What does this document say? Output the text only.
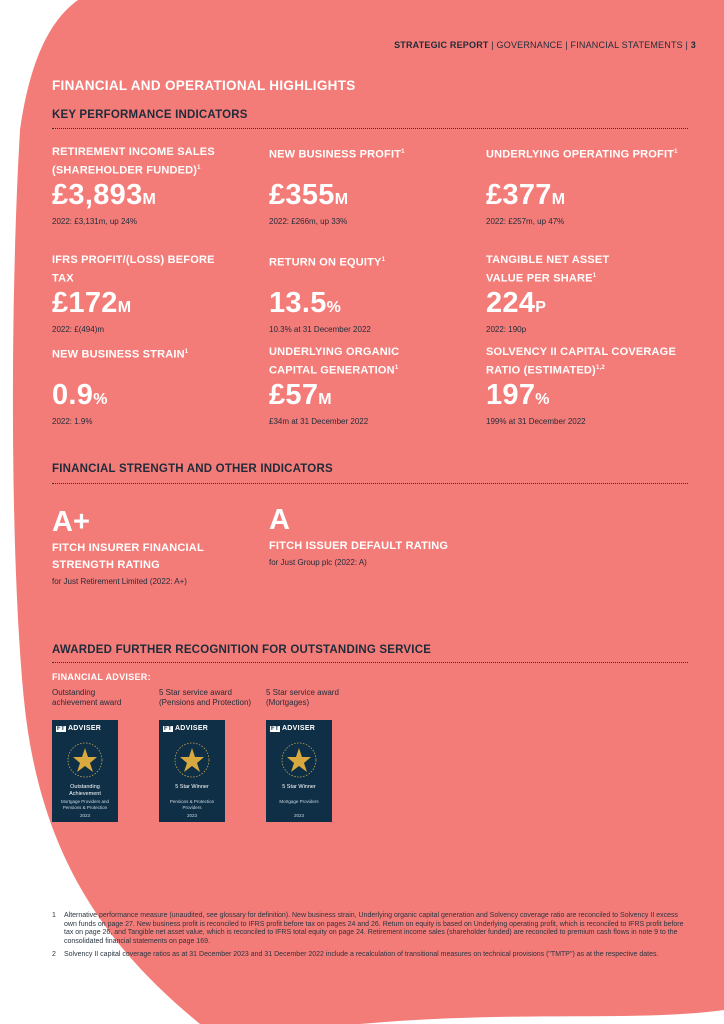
STRATEGIC REPORT | GOVERNANCE | FINANCIAL STATEMENTS | 3
FINANCIAL AND OPERATIONAL HIGHLIGHTS
KEY PERFORMANCE INDICATORS
RETIREMENT INCOME SALES (SHAREHOLDER FUNDED)$^1$
£3,893M
2022: £3,131m, up 24%
NEW BUSINESS PROFIT$^1$
£355M
2022: £266m, up 33%
UNDERLYING OPERATING PROFIT$^1$
£377M
2022: £257m, up 47%
IFRS PROFIT/(LOSS) BEFORE TAX
£172M
2022: £(494)m
RETURN ON EQUITY$^1$
13.5%
10.3% at 31 December 2022
TANGIBLE NET ASSET VALUE PER SHARE$^1$
224P
2022: 190p
NEW BUSINESS STRAIN$^1$
0.9%
2022: 1.9%
UNDERLYING ORGANIC CAPITAL GENERATION$^1$
£57M
£34m at 31 December 2022
SOLVENCY II CAPITAL COVERAGE RATIO (ESTIMATED)$^{1,2}$
197%
199% at 31 December 2022
FINANCIAL STRENGTH AND OTHER INDICATORS
A+
FITCH INSURER FINANCIAL STRENGTH RATING
for Just Retirement Limited (2022: A+)
A
FITCH ISSUER DEFAULT RATING
for Just Group plc (2022: A)
AWARDED FURTHER RECOGNITION FOR OUTSTANDING SERVICE
FINANCIAL ADVISER:
Outstanding achievement award
FT ADVISER
Outstanding Achievement
Mortgage Providers and Pensions & Protection
2023
5 Star service award (Pensions and Protection)
FT ADVISER
5 Star Winner
Pensions & Protection Providers
2023
5 Star service award (Mortgages)
FT ADVISER
5 Star Winner
Mortgage Providers
2023
1 Alternative performance measure (unaudited, see glossary for definition). New business strain, Underlying organic capital generation and Solvency coverage ratio are reconciled to Solvency II excess own funds on page 27. New business profit is reconciled to IFRS profit before tax on pages 24 and 26. Return on equity is based on Underlying operating profit, which is reconciled to IFRS profit before tax on page 26, and Tangible net asset value, which is reconciled to IFRS total equity on page 24. Retirement income sales (shareholder funded) are reconciled to premium cash flows in note 9 to the consolidated financial statements on page 169.
2 Solvency II capital coverage ratios as at 31 December 2023 and 31 December 2022 include a recalculation of transitional measures on technical provisions ("TMTP") as at the respective dates.
